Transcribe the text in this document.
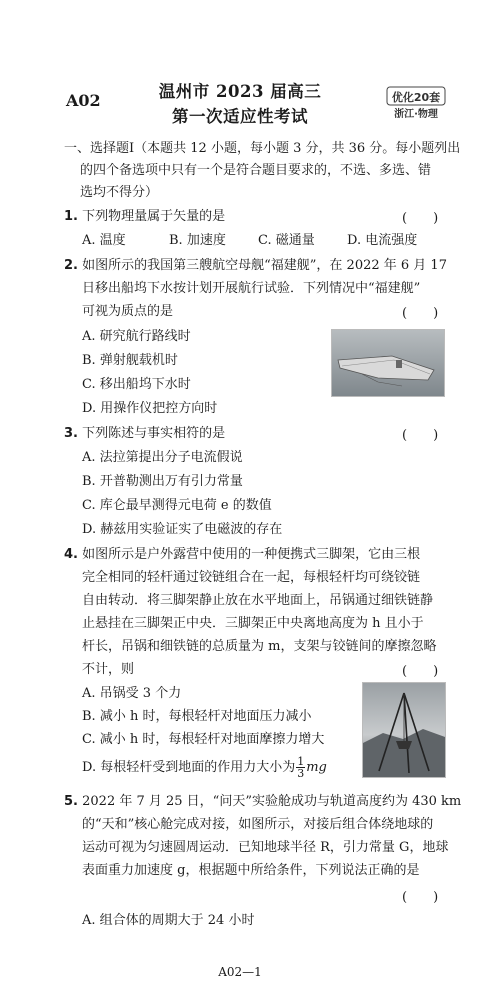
A02	温州市 2023 届高三
第一次适应性考试
优化20套
浙江·物理
一、选择题Ⅰ（本题共 12 小题，每小题 3 分，共 36 分。每小题列出
的四个备选项中只有一个是符合题目要求的，不选、多选、错
选均不得分）
1. 下列物理量属于矢量的是	(　　)
A. 温度	B. 加速度 C. 磁通量 D. 电流强度
2. 如图所示的我国第三艘航空母舰“福建舰”，在 2022 年 6 月 17
日移出船坞下水按计划开展航行试验．下列情况中“福建舰”
可视为质点的是	(　　)
A. 研究航行路线时
B. 弹射舰载机时
C. 移出船坞下水时
D. 用操作仪把控方向时
3. 下列陈述与事实相符的是	(　　)
A. 法拉第提出分子电流假说
B. 开普勒测出万有引力常量
C. 库仑最早测得元电荷 e 的数值
D. 赫兹用实验证实了电磁波的存在
4. 如图所示是户外露营中使用的一种便携式三脚架，它由三根
完全相同的轻杆通过铰链组合在一起，每根轻杆均可绕铰链
自由转动．将三脚架静止放在水平地面上，吊锅通过细铁链静
止悬挂在三脚架正中央．三脚架正中央离地高度为 h 且小于
杆长，吊锅和细铁链的总质量为 m，支架与铰链间的摩擦忽略
不计，则	(　　)
A. 吊锅受 3 个力
B. 减小 h 时，每根轻杆对地面压力减小
C. 减小 h 时，每根轻杆对地面摩擦力增大
D. 每根轻杆受到地面的作用力大小为 $\frac{1}{3}$ mg
5. 2022 年 7 月 25 日，“问天”实验舱成功与轨道高度约为 430 km
的“天和”核心舱完成对接，如图所示，对接后组合体绕地球的
运动可视为匀速圆周运动．已知地球半径 R，引力常量 G，地球
表面重力加速度 g，根据题中所给条件，下列说法正确的是
(　　)
A. 组合体的周期大于 24 小时
A02—1
